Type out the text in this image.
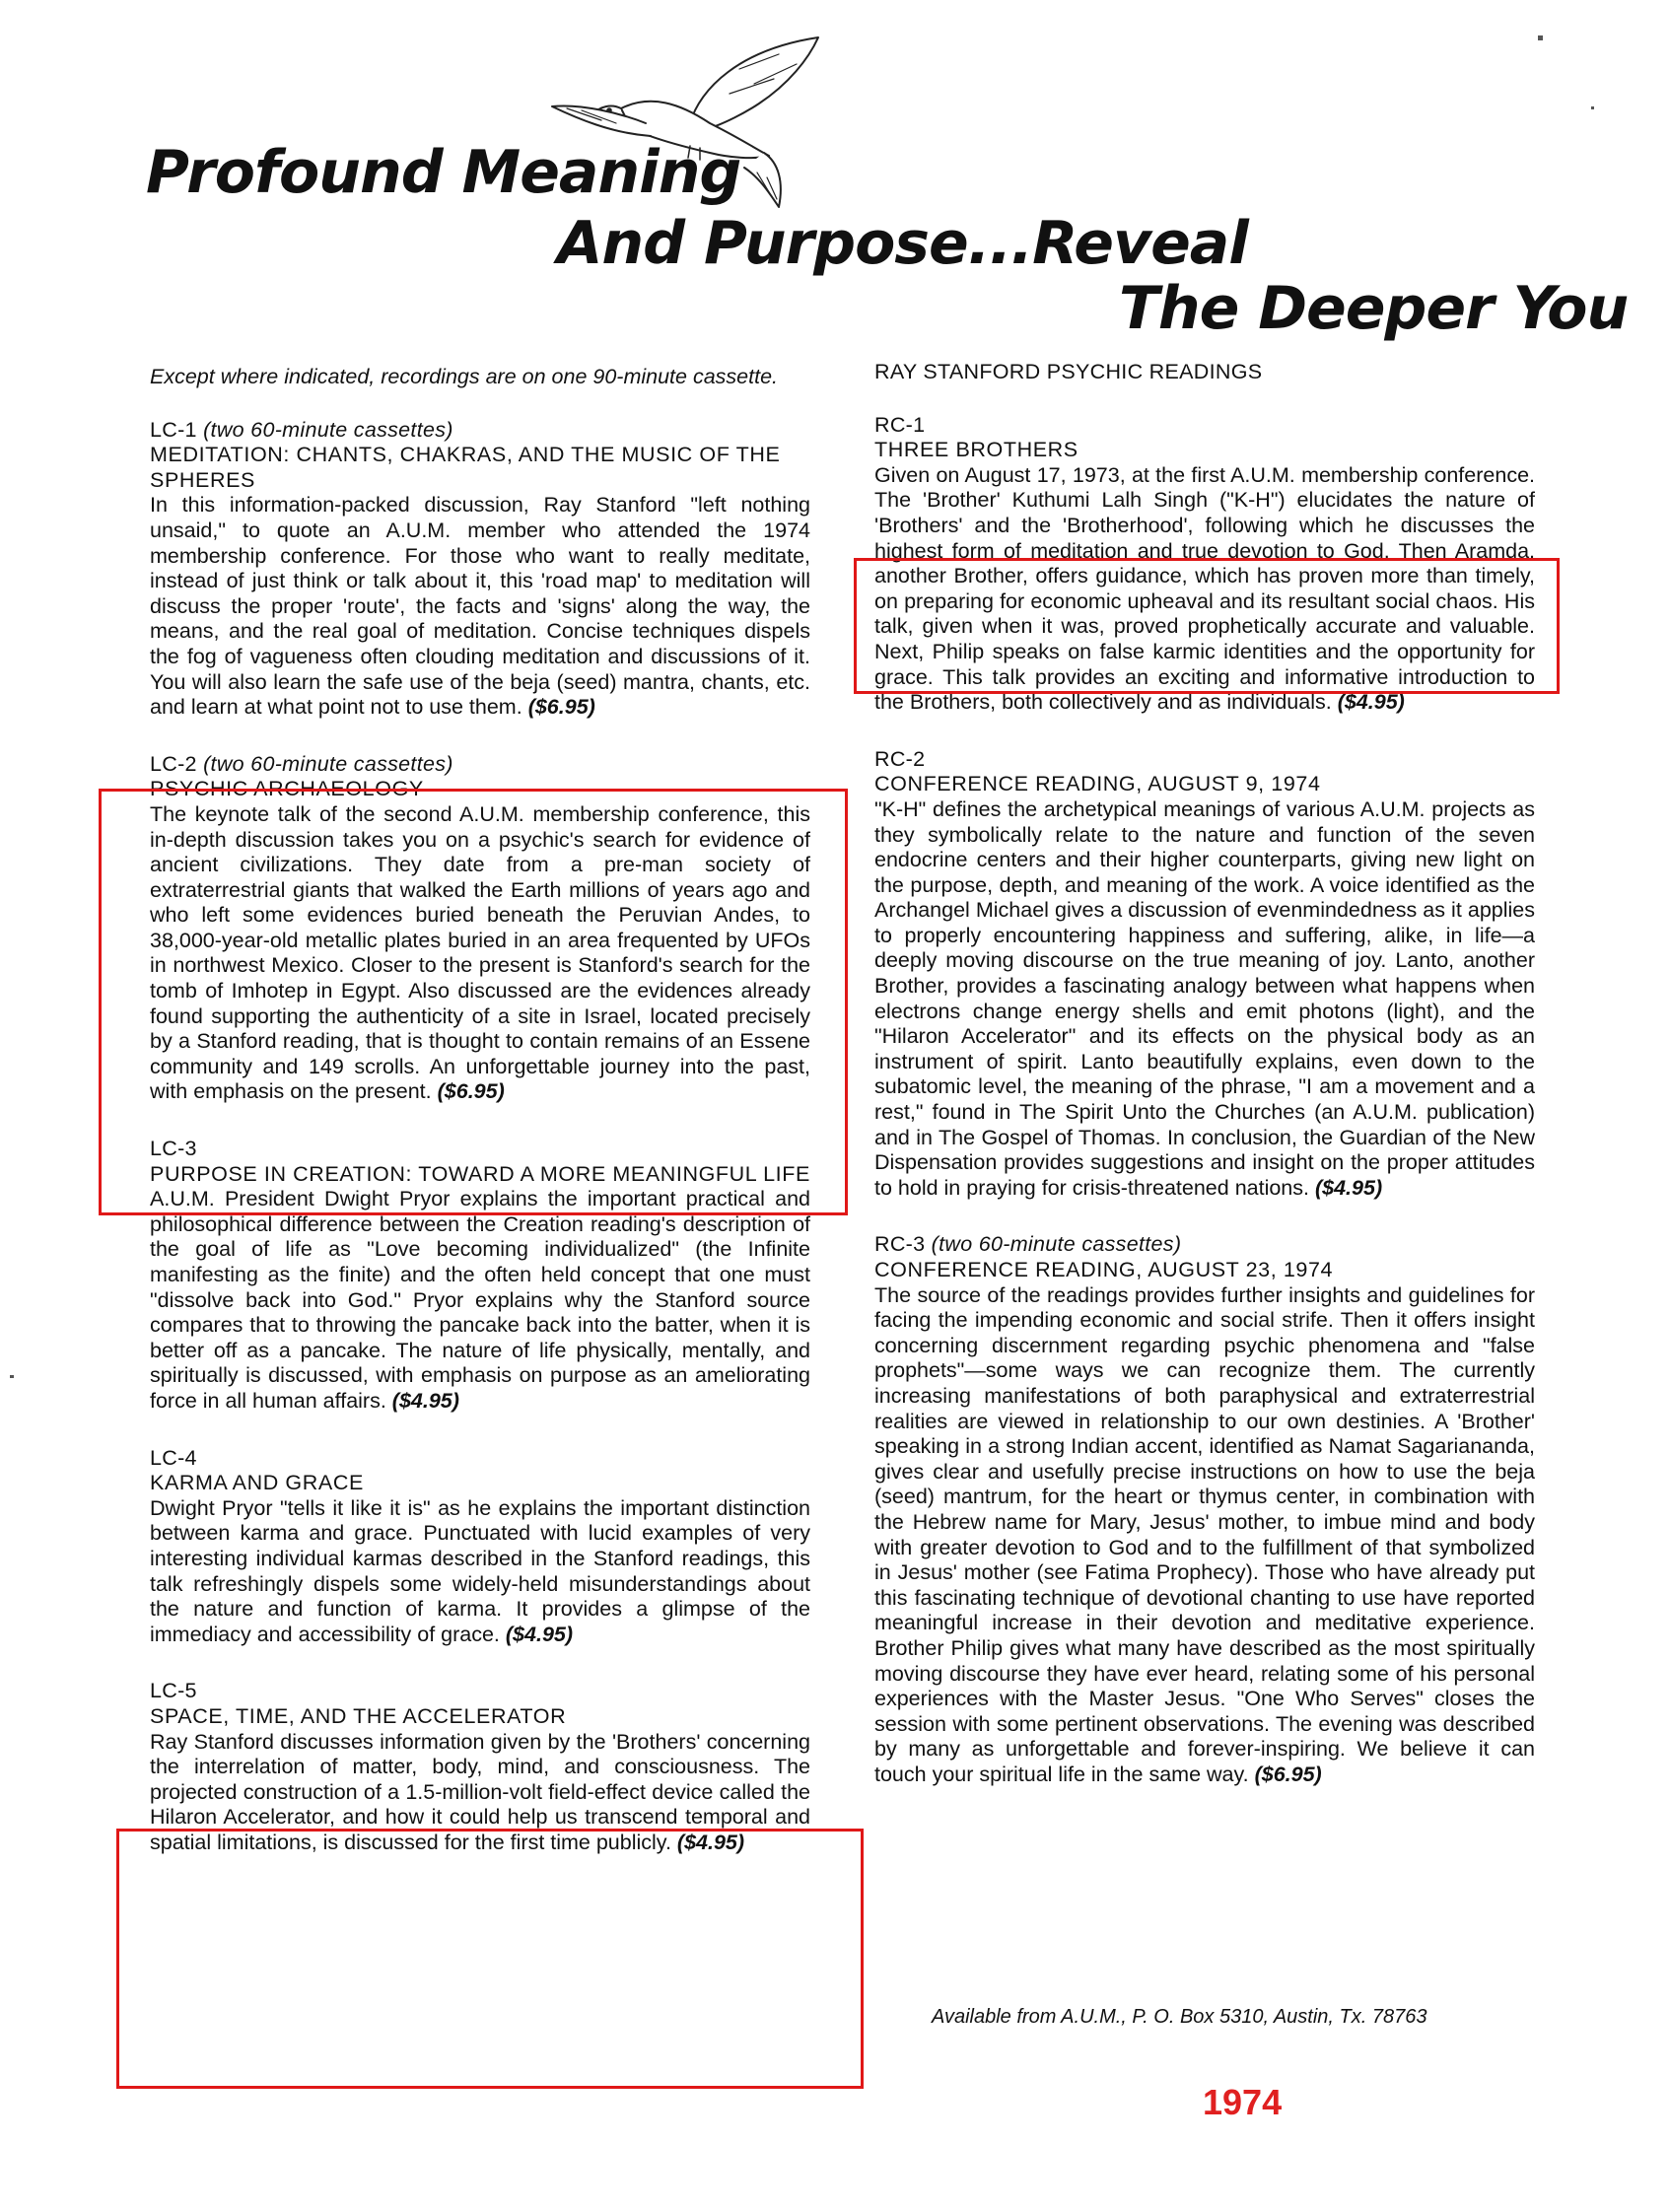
Profound Meaning
And Purpose...Reveal
The Deeper You

Except where indicated, recordings are on one 90-minute cassette.

LC-1 (two 60-minute cassettes)
MEDITATION: CHANTS, CHAKRAS, AND THE MUSIC OF THE SPHERES
In this information-packed discussion, Ray Stanford "left nothing unsaid," to quote an A.U.M. member who attended the 1974 membership conference. For those who want to really meditate, instead of just think or talk about it, this 'road map' to meditation will discuss the proper 'route', the facts and 'signs' along the way, the means, and the real goal of meditation. Concise techniques dispels the fog of vagueness often clouding meditation and discussions of it. You will also learn the safe use of the beja (seed) mantra, chants, etc. and learn at what point not to use them. ($6.95)
LC-2 (two 60-minute cassettes)
PSYCHIC ARCHAEOLOGY
The keynote talk of the second A.U.M. membership conference, this in-depth discussion takes you on a psychic's search for evidence of ancient civilizations. They date from a pre-man society of extraterrestrial giants that walked the Earth millions of years ago and who left some evidences buried beneath the Peruvian Andes, to 38,000-year-old metallic plates buried in an area frequented by UFOs in northwest Mexico. Closer to the present is Stanford's search for the tomb of Imhotep in Egypt. Also discussed are the evidences already found supporting the authenticity of a site in Israel, located precisely by a Stanford reading, that is thought to contain remains of an Essene community and 149 scrolls. An unforgettable journey into the past, with emphasis on the present. ($6.95)
LC-3
PURPOSE IN CREATION: TOWARD A MORE MEANINGFUL LIFE
A.U.M. President Dwight Pryor explains the important practical and philosophical difference between the Creation reading's description of the goal of life as "Love becoming individualized" (the Infinite manifesting as the finite) and the often held concept that one must "dissolve back into God." Pryor explains why the Stanford source compares that to throwing the pancake back into the batter, when it is better off as a pancake. The nature of life physically, mentally, and spiritually is discussed, with emphasis on purpose as an ameliorating force in all human affairs. ($4.95)
LC-4
KARMA AND GRACE
Dwight Pryor "tells it like it is" as he explains the important distinction between karma and grace. Punctuated with lucid examples of very interesting individual karmas described in the Stanford readings, this talk refreshingly dispels some widely-held misunderstandings about the nature and function of karma. It provides a glimpse of the immediacy and accessibility of grace. ($4.95)
LC-5
SPACE, TIME, AND THE ACCELERATOR
Ray Stanford discusses information given by the 'Brothers' concerning the interrelation of matter, body, mind, and consciousness. The projected construction of a 1.5-million-volt field-effect device called the Hilaron Accelerator, and how it could help us transcend temporal and spatial limitations, is discussed for the first time publicly. ($4.95)
RAY STANFORD PSYCHIC READINGS
RC-1
THREE BROTHERS
Given on August 17, 1973, at the first A.U.M. membership conference. The 'Brother' Kuthumi Lalh Singh ("K-H") elucidates the nature of 'Brothers' and the 'Brotherhood', following which he discusses the highest form of meditation and true devotion to God. Then Aramda, another Brother, offers guidance, which has proven more than timely, on preparing for economic upheaval and its resultant social chaos. His talk, given when it was, proved prophetically accurate and valuable. Next, Philip speaks on false karmic identities and the opportunity for grace. This talk provides an exciting and informative introduction to the Brothers, both collectively and as individuals. ($4.95)
RC-2
CONFERENCE READING, AUGUST 9, 1974
"K-H" defines the archetypical meanings of various A.U.M. projects as they symbolically relate to the nature and function of the seven endocrine centers and their higher counterparts, giving new light on the purpose, depth, and meaning of the work. A voice identified as the Archangel Michael gives a discussion of evenmindedness as it applies to properly encountering happiness and suffering, alike, in life—a deeply moving discourse on the true meaning of joy. Lanto, another Brother, provides a fascinating analogy between what happens when electrons change energy shells and emit photons (light), and the "Hilaron Accelerator" and its effects on the physical body as an instrument of spirit. Lanto beautifully explains, even down to the subatomic level, the meaning of the phrase, "I am a movement and a rest," found in The Spirit Unto the Churches (an A.U.M. publication) and in The Gospel of Thomas. In conclusion, the Guardian of the New Dispensation provides suggestions and insight on the proper attitudes to hold in praying for crisis-threatened nations. ($4.95)
RC-3 (two 60-minute cassettes)
CONFERENCE READING, AUGUST 23, 1974
The source of the readings provides further insights and guidelines for facing the impending economic and social strife. Then it offers insight concerning discernment regarding psychic phenomena and "false prophets"—some ways we can recognize them. The currently increasing manifestations of both paraphysical and extraterrestrial realities are viewed in relationship to our own destinies. A 'Brother' speaking in a strong Indian accent, identified as Namat Sagariananda, gives clear and usefully precise instructions on how to use the beja (seed) mantrum, for the heart or thymus center, in combination with the Hebrew name for Mary, Jesus' mother, to imbue mind and body with greater devotion to God and to the fulfillment of that symbolized in Jesus' mother (see Fatima Prophecy). Those who have already put this fascinating technique of devotional chanting to use have reported meaningful increase in their devotion and meditative experience. Brother Philip gives what many have described as the most spiritually moving discourse they have ever heard, relating some of his personal experiences with the Master Jesus. "One Who Serves" closes the session with some pertinent observations. The evening was described by many as unforgettable and forever-inspiring. We believe it can touch your spiritual life in the same way. ($6.95)
Available from A.U.M., P. O. Box 5310, Austin, Tx. 78763
1974
